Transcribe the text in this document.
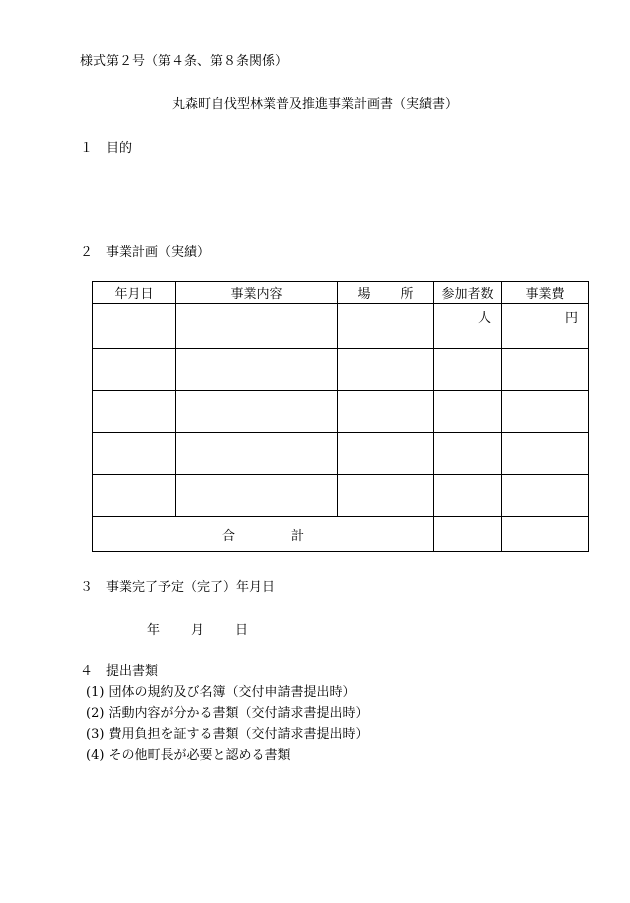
様式第２号（第４条、第８条関係）
丸森町自伐型林業普及推進事業計画書（実績書）
１ 目的
２ 事業計画（実績）
年月日	事業内容	場 所	参加者数	事業費
			人	円

合 計				
３ 事業完了予定（完了）年月日
年 月 日
４ 提出書類
(1) 団体の規約及び名簿（交付申請書提出時）
(2) 活動内容が分かる書類（交付請求書提出時）
(3) 費用負担を証する書類（交付請求書提出時）
(4) その他町長が必要と認める書類
